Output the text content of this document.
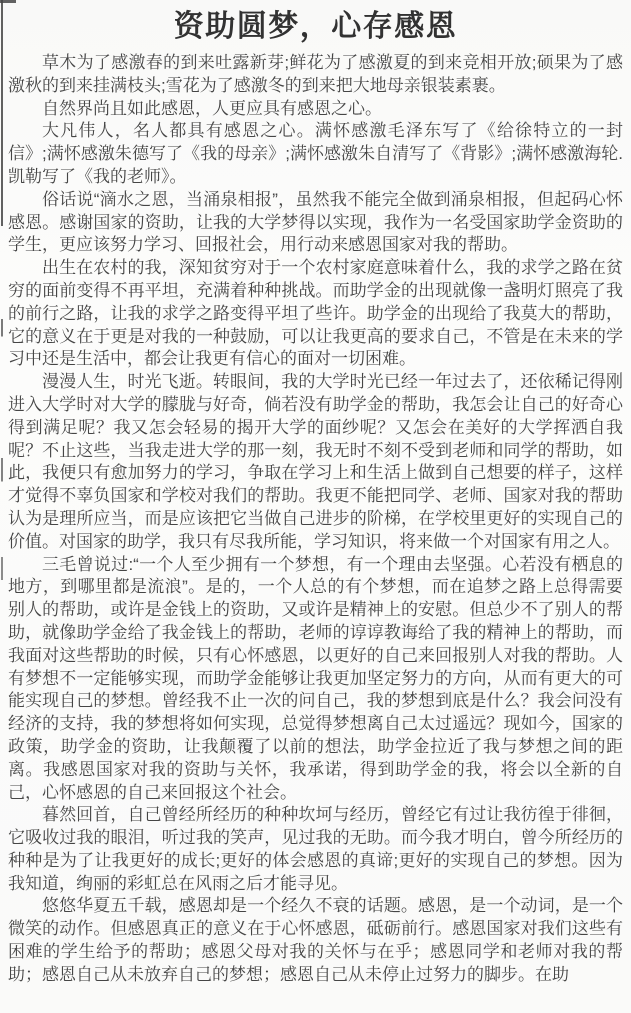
资助圆梦，心存感恩

草木为了感激春的到来吐露新芽;鲜花为了感激夏的到来竞相开放;硕果为了感激秋的到来挂满枝头;雪花为了感激冬的到来把大地母亲银装素裹。

自然界尚且如此感恩，人更应具有感恩之心。

大凡伟人，名人都具有感恩之心。满怀感激毛泽东写了《给徐特立的一封信》;满怀感激朱德写了《我的母亲》;满怀感激朱自清写了《背影》;满怀感激海轮.凯勒写了《我的老师》。

俗话说“滴水之恩，当涌泉相报”，虽然我不能完全做到涌泉相报，但起码心怀感恩。感谢国家的资助，让我的大学梦得以实现，我作为一名受国家助学金资助的学生，更应该努力学习、回报社会，用行动来感恩国家对我的帮助。

出生在农村的我，深知贫穷对于一个农村家庭意味着什么，我的求学之路在贫穷的面前变得不再平坦，充满着种种挑战。而助学金的出现就像一盏明灯照亮了我的前行之路，让我的求学之路变得平坦了些许。助学金的出现给了我莫大的帮助，它的意义在于更是对我的一种鼓励，可以让我更高的要求自己，不管是在未来的学习中还是生活中，都会让我更有信心的面对一切困难。

漫漫人生，时光飞逝。转眼间，我的大学时光已经一年过去了，还依稀记得刚进入大学时对大学的朦胧与好奇，倘若没有助学金的帮助，我怎会让自己的好奇心得到满足呢？我又怎会轻易的揭开大学的面纱呢？又怎会在美好的大学挥洒自我呢？不止这些，当我走进大学的那一刻，我无时不刻不受到老师和同学的帮助，如此，我便只有愈加努力的学习，争取在学习上和生活上做到自己想要的样子，这样才觉得不辜负国家和学校对我们的帮助。我更不能把同学、老师、国家对我的帮助认为是理所应当，而是应该把它当做自己进步的阶梯，在学校里更好的实现自己的价值。对国家的助学，我只有尽我所能，学习知识，将来做一个对国家有用之人。

三毛曾说过:“一个人至少拥有一个梦想，有一个理由去坚强。心若没有栖息的地方，到哪里都是流浪”。是的，一个人总的有个梦想，而在追梦之路上总得需要别人的帮助，或许是金钱上的资助，又或许是精神上的安慰。但总少不了别人的帮助，就像助学金给了我金钱上的帮助，老师的谆谆教诲给了我的精神上的帮助，而我面对这些帮助的时候，只有心怀感恩，以更好的自己来回报别人对我的帮助。人有梦想不一定能够实现，而助学金能够让我更加坚定努力的方向，从而有更大的可能实现自己的梦想。曾经我不止一次的问自己，我的梦想到底是什么？我会问没有经济的支持，我的梦想将如何实现，总觉得梦想离自己太过遥远？现如今，国家的政策，助学金的资助，让我颠覆了以前的想法，助学金拉近了我与梦想之间的距离。我感恩国家对我的资助与关怀，我承诺，得到助学金的我，将会以全新的自己，心怀感恩的自己来回报这个社会。

暮然回首，自己曾经所经历的种种坎坷与经历，曾经它有过让我彷徨于徘徊，它吸收过我的眼泪，听过我的笑声，见过我的无助。而今我才明白，曾今所经历的种种是为了让我更好的成长;更好的体会感恩的真谛;更好的实现自己的梦想。因为我知道，绚丽的彩虹总在风雨之后才能寻见。

悠悠华夏五千载，感恩却是一个经久不衰的话题。感恩，是一个动词，是一个微笑的动作。但感恩真正的意义在于心怀感恩，砥砺前行。感恩国家对我们这些有困难的学生给予的帮助；感恩父母对我的关怀与在乎；感恩同学和老师对我的帮助；感恩自己从未放弃自己的梦想；感恩自己从未停止过努力的脚步。在助
